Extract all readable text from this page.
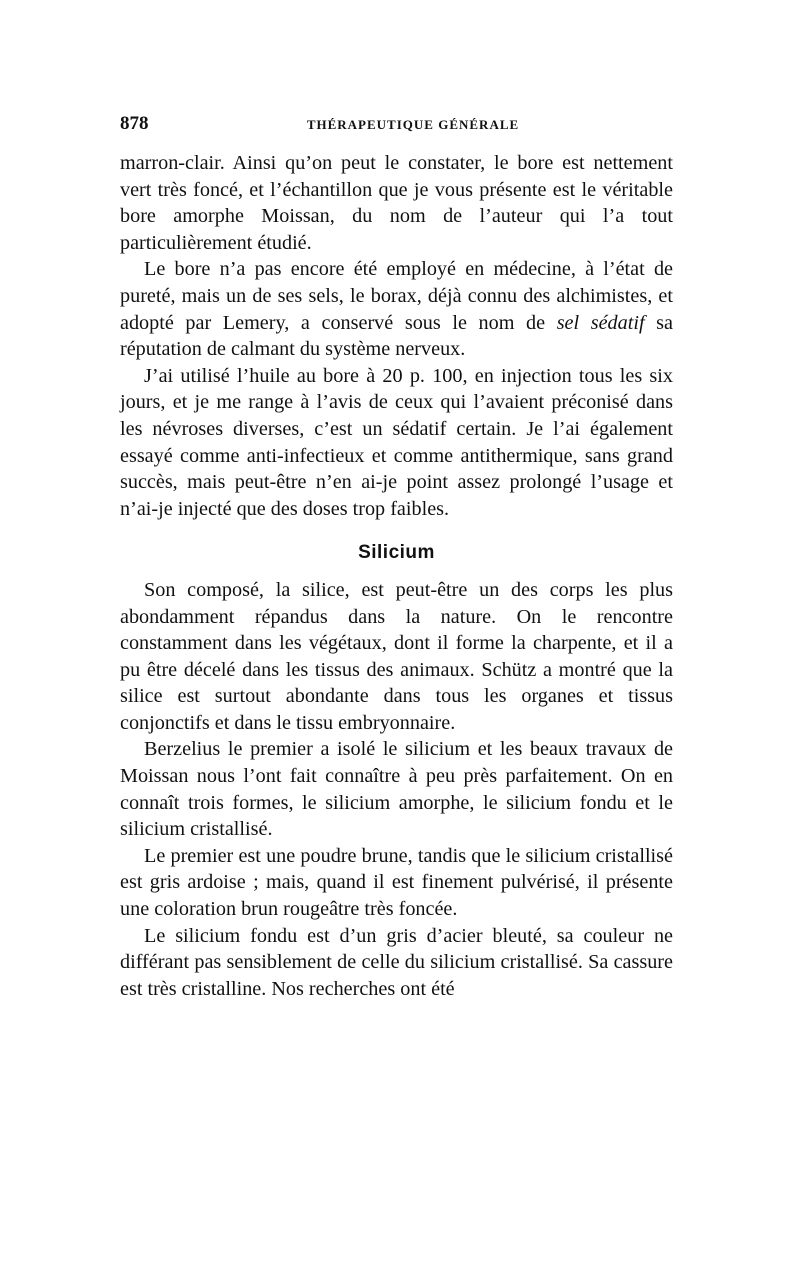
878	THÉRAPEUTIQUE GÉNÉRALE

marron-clair. Ainsi qu’on peut le constater, le bore est nettement vert très foncé, et l’échantillon que je vous présente est le véritable bore amorphe Moissan, du nom de l’auteur qui l’a tout particulièrement étudié.

Le bore n’a pas encore été employé en médecine, à l’état de pureté, mais un de ses sels, le borax, déjà connu des alchimistes, et adopté par Lemery, a conservé sous le nom de sel sédatif sa réputation de calmant du système nerveux.

J’ai utilisé l’huile au bore à 20 p. 100, en injection tous les six jours, et je me range à l’avis de ceux qui l’avaient préconisé dans les névroses diverses, c’est un sédatif certain. Je l’ai également essayé comme anti-infectieux et comme antithermique, sans grand succès, mais peut-être n’en ai-je point assez prolongé l’usage et n’ai-je injecté que des doses trop faibles.

Silicium

Son composé, la silice, est peut-être un des corps les plus abondamment répandus dans la nature. On le rencontre constamment dans les végétaux, dont il forme la charpente, et il a pu être décelé dans les tissus des animaux. Schütz a montré que la silice est surtout abondante dans tous les organes et tissus conjonctifs et dans le tissu embryonnaire.

Berzelius le premier a isolé le silicium et les beaux travaux de Moissan nous l’ont fait connaître à peu près parfaitement. On en connaît trois formes, le silicium amorphe, le silicium fondu et le silicium cristallisé.

Le premier est une poudre brune, tandis que le silicium cristallisé est gris ardoise ; mais, quand il est finement pulvérisé, il présente une coloration brun rougeâtre très foncée.

Le silicium fondu est d’un gris d’acier bleuté, sa couleur ne différant pas sensiblement de celle du silicium cristallisé. Sa cassure est très cristalline. Nos recherches ont été
